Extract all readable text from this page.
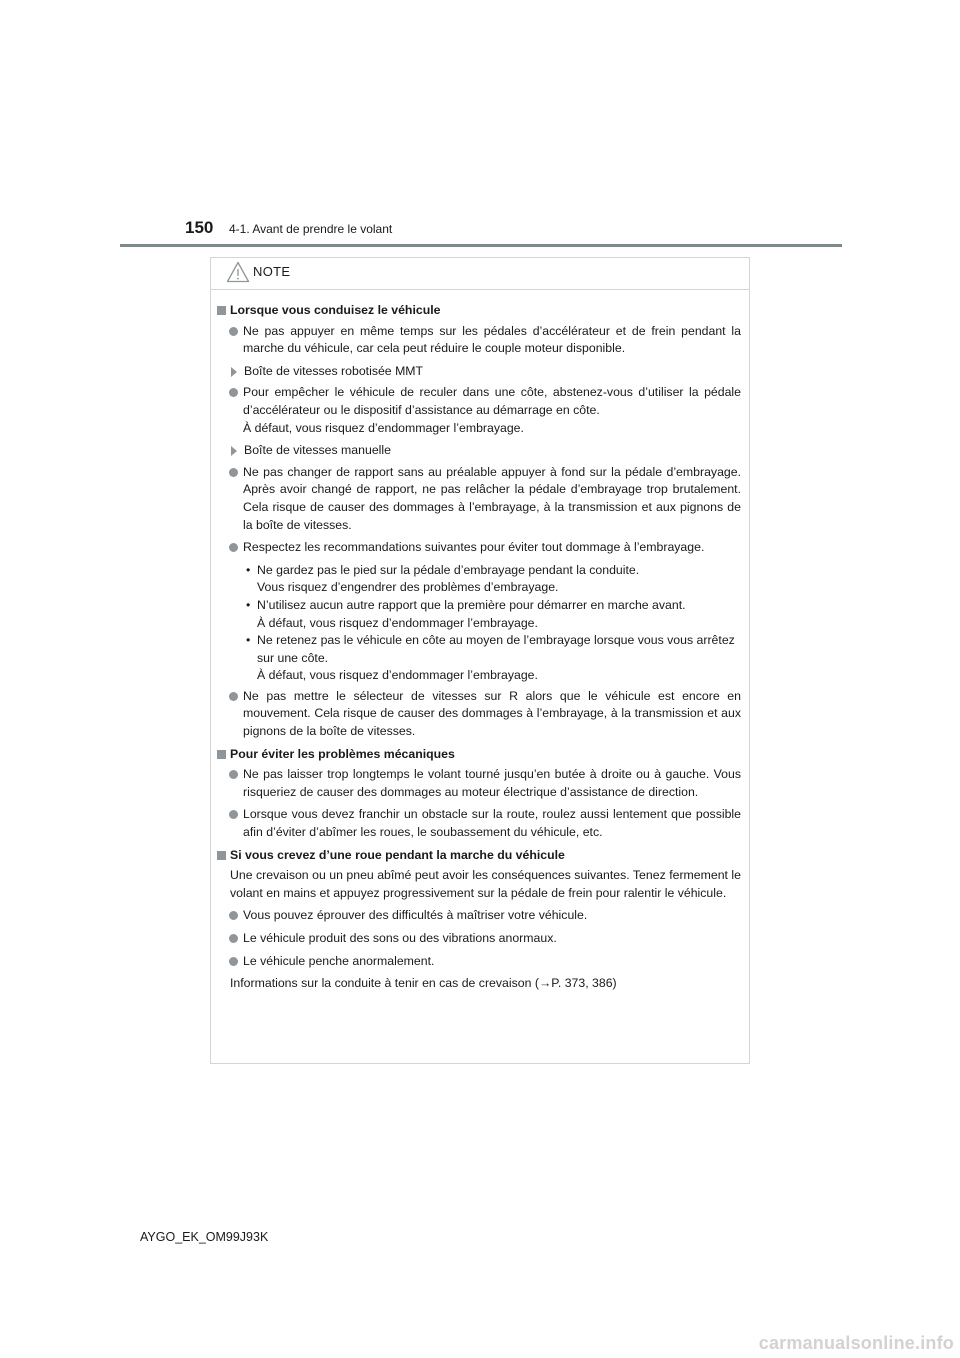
150 4-1. Avant de prendre le volant
NOTE
Lorsque vous conduisez le véhicule
Ne pas appuyer en même temps sur les pédales d’accélérateur et de frein pendant la marche du véhicule, car cela peut réduire le couple moteur disponible.
Boîte de vitesses robotisée MMT
Pour empêcher le véhicule de reculer dans une côte, abstenez-vous d’utiliser la pédale d’accélérateur ou le dispositif d’assistance au démarrage en côte.
À défaut, vous risquez d’endommager l’embrayage.
Boîte de vitesses manuelle
Ne pas changer de rapport sans au préalable appuyer à fond sur la pédale d’embrayage. Après avoir changé de rapport, ne pas relâcher la pédale d’embrayage trop brutalement. Cela risque de causer des dommages à l’embrayage, à la transmission et aux pignons de la boîte de vitesses.
Respectez les recommandations suivantes pour éviter tout dommage à l’embrayage.
• Ne gardez pas le pied sur la pédale d’embrayage pendant la conduite.
Vous risquez d’engendrer des problèmes d’embrayage.
• N’utilisez aucun autre rapport que la première pour démarrer en marche avant.
À défaut, vous risquez d’endommager l’embrayage.
• Ne retenez pas le véhicule en côte au moyen de l’embrayage lorsque vous vous arrêtez sur une côte.
À défaut, vous risquez d’endommager l’embrayage.
Ne pas mettre le sélecteur de vitesses sur R alors que le véhicule est encore en mouvement. Cela risque de causer des dommages à l’embrayage, à la transmission et aux pignons de la boîte de vitesses.
Pour éviter les problèmes mécaniques
Ne pas laisser trop longtemps le volant tourné jusqu’en butée à droite ou à gauche. Vous risqueriez de causer des dommages au moteur électrique d’assistance de direction.
Lorsque vous devez franchir un obstacle sur la route, roulez aussi lentement que possible afin d’éviter d’abîmer les roues, le soubassement du véhicule, etc.
Si vous crevez d’une roue pendant la marche du véhicule
Une crevaison ou un pneu abîmé peut avoir les conséquences suivantes. Tenez fermement le volant en mains et appuyez progressivement sur la pédale de frein pour ralentir le véhicule.
Vous pouvez éprouver des difficultés à maîtriser votre véhicule.
Le véhicule produit des sons ou des vibrations anormaux.
Le véhicule penche anormalement.
Informations sur la conduite à tenir en cas de crevaison (→P. 373, 386)
AYGO_EK_OM99J93K
carmanualsonline.info
